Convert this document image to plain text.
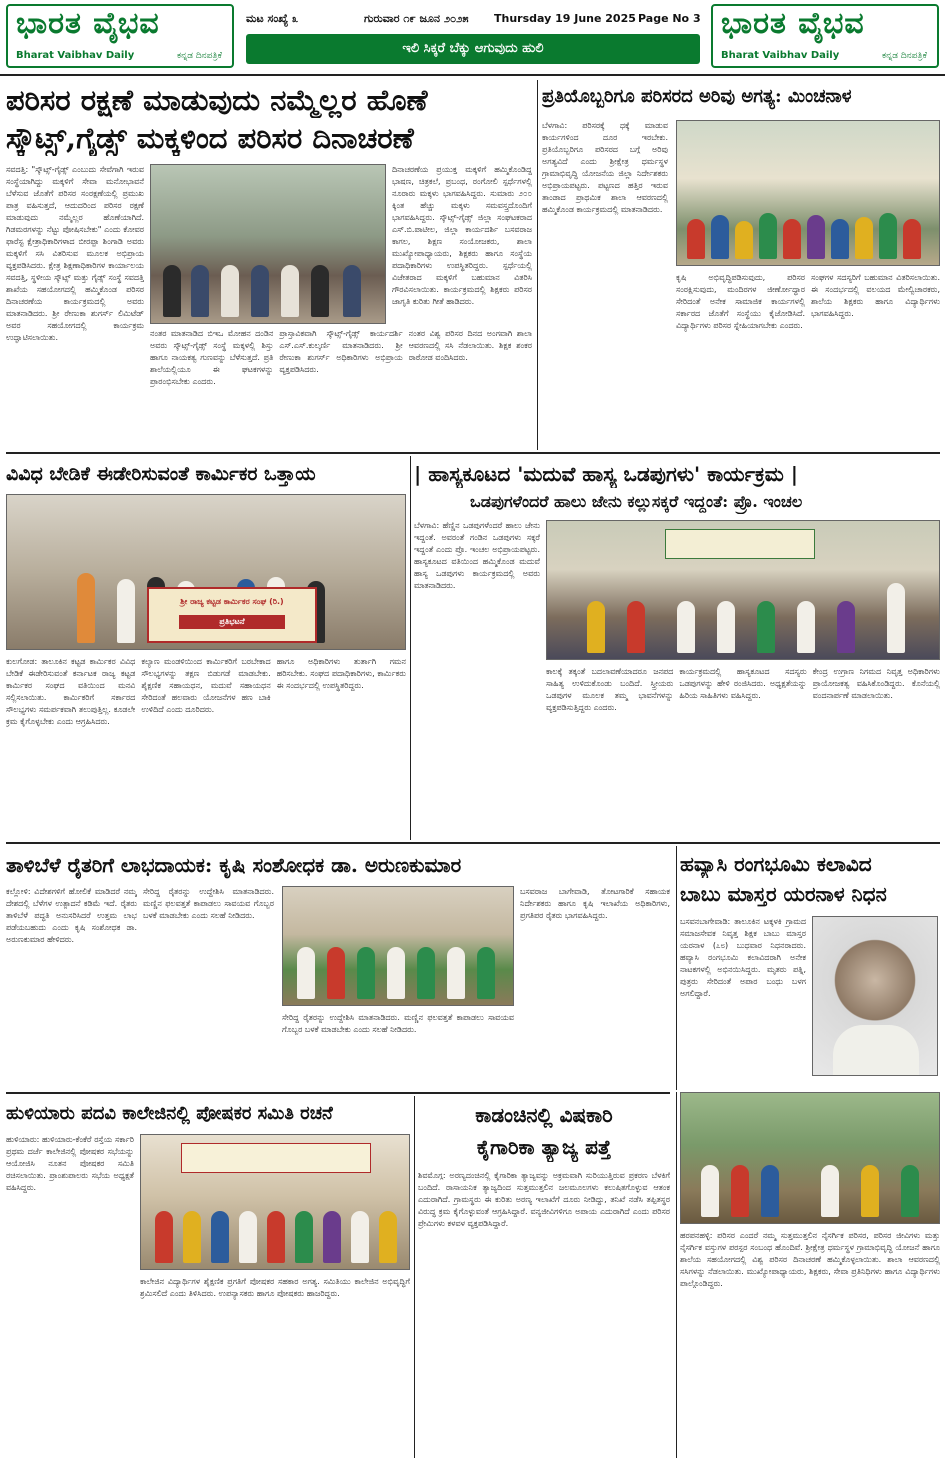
ಭಾರತ ವೈಭವ
Bharat Vaibhav Daily	ಕನ್ನಡ ದಿನಪತ್ರಿಕೆ
ಮಟ ಸಂಖ್ಯೆ ೩	ಗುರುವಾರ ೧೯ ಜೂನ ೨೦೨೫ Thursday 19 June 2025 Page No 3
ಇಲಿ ಸಿಕ್ಕರೆ ಬೆಕ್ಕು ಆಗುವುದು ಹುಲಿ
ಭಾರತ ವೈಭವ
Bharat Vaibhav Daily	ಕನ್ನಡ ದಿನಪತ್ರಿಕೆ
ಪರಿಸರ ರಕ್ಷಣೆ ಮಾಡುವುದು ನಮ್ಮೆಲ್ಲರ ಹೊಣೆ
ಸ್ಕೌಟ್ಸ್,ಗೈಡ್ಸ್ ಮಕ್ಕಳಿಂದ ಪರಿಸರ ದಿನಾಚರಣೆ
ಸವದತ್ತಿ: "ಸ್ಕೌಟ್ಸ್-ಗೈಡ್ಸ್ ಎಂಬುದು ಸೇವೆಗಾಗಿ ಇರುವ ಸಂಸ್ಥೆಯಾಗಿದ್ದು ಮಕ್ಕಳಿಗೆ ಸೇವಾ ಮನೋಭಾವನೆ ಬೆಳೆಸುವ ಜೊತೆಗೆ ಪರಿಸರ ಸಂರಕ್ಷಣೆಯಲ್ಲಿ ಪ್ರಮುಖ ಪಾತ್ರ ವಹಿಸುತ್ತದೆ, ಆದುದರಿಂದ ಪರಿಸರ ರಕ್ಷಣೆ ಮಾಡುವುದು ನಮ್ಮೆಲ್ಲರ ಹೊಣೆಯಾಗಿದೆ. ಗಿಡಮರಗಳನ್ನು ನೆಟ್ಟು ಪೋಷಿಸಬೇಕು" ಎಂದು ಕೋವರ ಫಾರೆಸ್ಟ ಕ್ಷೇತ್ರಾಧಿಕಾರಿಗಳಾದ ಬೀರಪ್ಪಾ ಶಿಂಗಾಡಿ ಅವರು ಮಕ್ಕಳಿಗೆ ಸಸಿ ವಿತರಿಸುವ ಮೂಲಕ ಅಭಿಪ್ರಾಯ ವ್ಯಕ್ತಪಡಿಸಿದರು. ಕ್ಷೇತ್ರ ಶಿಕ್ಷಣಾಧಿಕಾರಿಗಳ ಕಾರ್ಯಾಲಯ ಸವದತ್ತಿ, ಸ್ಥಳೀಯ ಸ್ಕೌಟ್ಸ್ ಮತ್ತು ಗೈಡ್ಸ್ ಸಂಸ್ಥೆ ಸವದತ್ತಿ ಶಾಖೆಯ ಸಹಯೋಗದಲ್ಲಿ ಹಮ್ಮಿಕೊಂಡ ಪರಿಸರ ದಿನಾಚರಣೆಯ ಕಾರ್ಯಕ್ರಮದಲ್ಲಿ ಅವರು ಮಾತನಾಡಿದರು. ಶ್ರೀ ರೇಣುಕಾ ಶುಗರ್ಸ್ ಲಿಮಿಟೆಡ್ ಅವರ ಸಹಯೋಗದಲ್ಲಿ ಕಾರ್ಯಕ್ರಮ ಉದ್ಘಾಟಿಸಲಾಯಿತು.
ದಿನಾಚರಣೆಯ ಪ್ರಯುಕ್ತ ಮಕ್ಕಳಿಗೆ ಹಮ್ಮಿಕೊಂಡಿದ್ದ ಭಾಷಣ, ಚಿತ್ರಕಲೆ, ಪ್ರಬಂಧ, ರಂಗೋಲಿ ಸ್ಪರ್ಧೆಗಳಲ್ಲಿ ನೂರಾರು ಮಕ್ಕಳು ಭಾಗವಹಿಸಿದ್ದರು. ಸುಮಾರು ೨೦೦ ಕ್ಕಿಂತ ಹೆಚ್ಚು ಮಕ್ಕಳು ಸಮವಸ್ತ್ರದೊಂದಿಗೆ ಭಾಗವಹಿಸಿದ್ದರು. ಸ್ಕೌಟ್ಸ್-ಗೈಡ್ಸ್ ಜಿಲ್ಲಾ ಸಂಘಟಕರಾದ ಎಸ್.ಬಿ.ಪಾಟೀಲ, ಜಿಲ್ಲಾ ಕಾರ್ಯದರ್ಶಿ ಬಸವರಾಜ ಕಾಗಲ, ಶಿಕ್ಷಣ ಸಂಯೋಜಕರು, ಶಾಲಾ ಮುಖ್ಯೋಪಾಧ್ಯಾಯರು, ಶಿಕ್ಷಕರು ಹಾಗೂ ಸಂಸ್ಥೆಯ ಪದಾಧಿಕಾರಿಗಳು ಉಪಸ್ಥಿತರಿದ್ದರು. ಸ್ಪರ್ಧೆಯಲ್ಲಿ ವಿಜೇತರಾದ ಮಕ್ಕಳಿಗೆ ಬಹುಮಾನ ವಿತರಿಸಿ ಗೌರವಿಸಲಾಯಿತು. ಕಾರ್ಯಕ್ರಮದಲ್ಲಿ ಶಿಕ್ಷಕರು ಪರಿಸರ ಜಾಗೃತಿ ಕುರಿತು ಗೀತೆ ಹಾಡಿದರು.
ನಂತರ ಮಾತನಾಡಿದ ಬಿಇಒ ಮೋಹನ ದಂಡಿನ ಅವರು ಸ್ಕೌಟ್ಸ್-ಗೈಡ್ಸ್ ಸಂಸ್ಥೆ ಮಕ್ಕಳಲ್ಲಿ ಶಿಸ್ತು ಹಾಗೂ ನಾಯಕತ್ವ ಗುಣವನ್ನು ಬೆಳೆಸುತ್ತದೆ. ಪ್ರತಿ ಶಾಲೆಯಲ್ಲಿಯೂ ಈ ಘಟಕಗಳನ್ನು ಪ್ರಾರಂಭಿಸಬೇಕು ಎಂದರು.
ಪ್ರಾಸ್ತಾವಿಕವಾಗಿ ಸ್ಕೌಟ್ಸ್-ಗೈಡ್ಸ್ ಕಾರ್ಯದರ್ಶಿ ಎಸ್.ಎಸ್.ಕುಲ್ಕರ್ಣಿ ಮಾತನಾಡಿದರು. ಶ್ರೀ ರೇಣುಕಾ ಶುಗರ್ಸ್ ಅಧಿಕಾರಿಗಳು ಅಭಿಪ್ರಾಯ ವ್ಯಕ್ತಪಡಿಸಿದರು.
ನಂತರ ವಿಶ್ವ ಪರಿಸರ ದಿನದ ಅಂಗವಾಗಿ ಶಾಲಾ ಆವರಣದಲ್ಲಿ ಸಸಿ ನೆಡಲಾಯಿತು. ಶಿಕ್ಷಕ ಶಂಕರ ರಾಠೋಡ ವಂದಿಸಿದರು.
ಪ್ರತಿಯೊಬ್ಬರಿಗೂ ಪರಿಸರದ ಅರಿವು ಅಗತ್ಯ: ಮಿಂಚನಾಳ
ಬೆಳಗಾವಿ: ಪರಿಸರಕ್ಕೆ ಧಕ್ಕೆ ಮಾಡುವ ಕಾರ್ಯಗಳಿಂದ ದೂರ ಇರಬೇಕು. ಪ್ರತಿಯೊಬ್ಬರಿಗೂ ಪರಿಸರದ ಬಗ್ಗೆ ಅರಿವು ಅಗತ್ಯವಿದೆ ಎಂದು ಶ್ರೀಕ್ಷೇತ್ರ ಧರ್ಮಸ್ಥಳ ಗ್ರಾಮಾಭಿವೃದ್ಧಿ ಯೋಜನೆಯ ಜಿಲ್ಲಾ ನಿರ್ದೇಶಕರು ಅಭಿಪ್ರಾಯಪಟ್ಟರು. ಪಟ್ಟಣದ ಹತ್ತಿರ ಇರುವ ತಾಂಡಾದ ಪ್ರಾಥಮಿಕ ಶಾಲಾ ಆವರಣದಲ್ಲಿ ಹಮ್ಮಿಕೊಂಡ ಕಾರ್ಯಕ್ರಮದಲ್ಲಿ ಮಾತನಾಡಿದರು.
ಕೃಷಿ ಅಭಿವೃದ್ಧಿಪಡಿಸುವುದು, ಪರಿಸರ ಸಂರಕ್ಷಿಸುವುದು, ಮಂದಿರಗಳ ಜೀರ್ಣೋದ್ಧಾರ ಸೇರಿದಂತೆ ಅನೇಕ ಸಾಮಾಜಿಕ ಕಾರ್ಯಗಳಲ್ಲಿ ಸರ್ಕಾರದ ಜೊತೆಗೆ ಸಂಸ್ಥೆಯು ಕೈಜೋಡಿಸಿದೆ. ವಿದ್ಯಾರ್ಥಿಗಳು ಪರಿಸರ ಸ್ನೇಹಿಯಾಗಬೇಕು ಎಂದರು.
ಸಂಘಗಳ ಸದಸ್ಯರಿಗೆ ಬಹುಮಾನ ವಿತರಿಸಲಾಯಿತು. ಈ ಸಂದರ್ಭದಲ್ಲಿ ವಲಯದ ಮೇಲ್ವಿಚಾರಕರು, ಶಾಲೆಯ ಶಿಕ್ಷಕರು ಹಾಗೂ ವಿದ್ಯಾರ್ಥಿಗಳು ಭಾಗವಹಿಸಿದ್ದರು.
ವಿವಿಧ ಬೇಡಿಕೆ ಈಡೇರಿಸುವಂತೆ ಕಾರ್ಮಿಕರ ಒತ್ತಾಯ
ಶ್ರೀ ರಾಜ್ಯ ಕಟ್ಟಡ ಕಾರ್ಮಿಕರ ಸಂಘ (ರಿ.)
ಪ್ರತಿಭಟನೆ
ಕುಲಗೋಡ: ತಾಲೂಕಿನ ಕಟ್ಟಡ ಕಾರ್ಮಿಕರ ವಿವಿಧ ಬೇಡಿಕೆ ಈಡೇರಿಸುವಂತೆ ಕರ್ನಾಟಕ ರಾಜ್ಯ ಕಟ್ಟಡ ಕಾರ್ಮಿಕರ ಸಂಘದ ವತಿಯಿಂದ ಮನವಿ ಸಲ್ಲಿಸಲಾಯಿತು. ಕಾರ್ಮಿಕರಿಗೆ ಸರ್ಕಾರದ ಸೌಲಭ್ಯಗಳು ಸಮರ್ಪಕವಾಗಿ ತಲುಪುತ್ತಿಲ್ಲ. ಕೂಡಲೇ ಕ್ರಮ ಕೈಗೊಳ್ಳಬೇಕು ಎಂದು ಆಗ್ರಹಿಸಿದರು.
ಕಲ್ಯಾಣ ಮಂಡಳಿಯಿಂದ ಕಾರ್ಮಿಕರಿಗೆ ಬರಬೇಕಾದ ಸೌಲಭ್ಯಗಳನ್ನು ತಕ್ಷಣ ಬಿಡುಗಡೆ ಮಾಡಬೇಕು. ಶೈಕ್ಷಣಿಕ ಸಹಾಯಧನ, ಮದುವೆ ಸಹಾಯಧನ ಸೇರಿದಂತೆ ಹಲವಾರು ಯೋಜನೆಗಳ ಹಣ ಬಾಕಿ ಉಳಿದಿದೆ ಎಂದು ದೂರಿದರು.
ಹಾಗೂ ಅಧಿಕಾರಿಗಳು ತುರ್ತಾಗಿ ಗಮನ ಹರಿಸಬೇಕು. ಸಂಘದ ಪದಾಧಿಕಾರಿಗಳು, ಕಾರ್ಮಿಕರು ಈ ಸಂದರ್ಭದಲ್ಲಿ ಉಪಸ್ಥಿತರಿದ್ದರು.
| ಹಾಸ್ಯಕೂಟದ 'ಮದುವೆ ಹಾಸ್ಯ ಒಡಪುಗಳು' ಕಾರ್ಯಕ್ರಮ |
ಒಡಪುಗಳೆಂದರೆ ಹಾಲು ಜೇನು ಕಲ್ಲುಸಕ್ಕರೆ ಇದ್ದಂತೆ: ಪ್ರೊ. ಇಂಚಲ
ಬೆಳಗಾವಿ: ಹೆಣ್ಣಿನ ಒಡಪುಗಳೆಂದರೆ ಹಾಲು ಜೇನು ಇದ್ದಂತೆ. ಅವರಂತೆ ಗಂಡಿನ ಒಡಪುಗಳು ಸಕ್ಕರೆ ಇದ್ದಂತೆ ಎಂದು ಪ್ರೊ. ಇಂಚಲ ಅಭಿಪ್ರಾಯಪಟ್ಟರು. ಹಾಸ್ಯಕೂಟದ ವತಿಯಿಂದ ಹಮ್ಮಿಕೊಂಡ ಮದುವೆ ಹಾಸ್ಯ ಒಡಪುಗಳು ಕಾರ್ಯಕ್ರಮದಲ್ಲಿ ಅವರು ಮಾತನಾಡಿದರು.
ಕಾಲಕ್ಕೆ ತಕ್ಕಂತೆ ಬದಲಾವಣೆಯಾದರೂ ಜನಪದ ಸಾಹಿತ್ಯ ಉಳಿದುಕೊಂಡು ಬಂದಿದೆ. ಸ್ತ್ರೀಯರು ಒಡಪುಗಳ ಮೂಲಕ ತಮ್ಮ ಭಾವನೆಗಳನ್ನು ವ್ಯಕ್ತಪಡಿಸುತ್ತಿದ್ದರು ಎಂದರು.
ಕಾರ್ಯಕ್ರಮದಲ್ಲಿ ಹಾಸ್ಯಕೂಟದ ಸದಸ್ಯರು ಒಡಪುಗಳನ್ನು ಹೇಳಿ ರಂಜಿಸಿದರು. ಅಧ್ಯಕ್ಷತೆಯನ್ನು ಹಿರಿಯ ಸಾಹಿತಿಗಳು ವಹಿಸಿದ್ದರು.
ಕೇಂದ್ರ ಉಗ್ರಾಣ ನಿಗಮದ ನಿವೃತ್ತ ಅಧಿಕಾರಿಗಳು ಪ್ರಾಯೋಜಕತ್ವ ವಹಿಸಿಕೊಂಡಿದ್ದರು. ಕೊನೆಯಲ್ಲಿ ವಂದನಾರ್ಪಣೆ ಮಾಡಲಾಯಿತು.
ತಾಳಿಬೆಳೆ ರೈತರಿಗೆ ಲಾಭದಾಯಕ: ಕೃಷಿ ಸಂಶೋಧಕ ಡಾ. ಅರುಣಕುಮಾರ
ಕಲ್ಲೋಳಿ: ವಿದೇಶಗಳಿಗೆ ಹೋಲಿಕೆ ಮಾಡಿದರೆ ನಮ್ಮ ದೇಶದಲ್ಲಿ ಬೆಳೆಗಳ ಉತ್ಪಾದನೆ ಕಡಿಮೆ ಇದೆ. ರೈತರು ತಾಳಿಬೆಳೆ ಪದ್ಧತಿ ಅನುಸರಿಸಿದರೆ ಉತ್ತಮ ಲಾಭ ಪಡೆಯಬಹುದು ಎಂದು ಕೃಷಿ ಸಂಶೋಧಕ ಡಾ. ಅರುಣಕುಮಾರ ಹೇಳಿದರು.
ಸೇರಿದ್ದ ರೈತರನ್ನು ಉದ್ದೇಶಿಸಿ ಮಾತನಾಡಿದರು. ಮಣ್ಣಿನ ಫಲವತ್ತತೆ ಕಾಪಾಡಲು ಸಾವಯವ ಗೊಬ್ಬರ ಬಳಕೆ ಮಾಡಬೇಕು ಎಂದು ಸಲಹೆ ನೀಡಿದರು.
ಸೇರಿದ್ದ ರೈತರನ್ನು ಉದ್ದೇಶಿಸಿ ಮಾತನಾಡಿದರು. ಮಣ್ಣಿನ ಫಲವತ್ತತೆ ಕಾಪಾಡಲು ಸಾವಯವ ಗೊಬ್ಬರ ಬಳಕೆ ಮಾಡಬೇಕು ಎಂದು ಸಲಹೆ ನೀಡಿದರು.
ಬಸವರಾಜ ಬಾಗೇವಾಡಿ, ತೋಟಗಾರಿಕೆ ಸಹಾಯಕ ನಿರ್ದೇಶಕರು ಹಾಗೂ ಕೃಷಿ ಇಲಾಖೆಯ ಅಧಿಕಾರಿಗಳು, ಪ್ರಗತಿಪರ ರೈತರು ಭಾಗವಹಿಸಿದ್ದರು.
ಹವ್ಯಾಸಿ ರಂಗಭೂಮಿ ಕಲಾವಿದ
ಬಾಬು ಮಾಸ್ತರ ಯರನಾಳ ನಿಧನ
ಬಸವನಬಾಗೇವಾಡಿ: ತಾಲೂಕಿನ ಟಕ್ಕಳಕಿ ಗ್ರಾಮದ ಸಮಾಜಸೇವಕ ನಿವೃತ್ತ ಶಿಕ್ಷಕ ಬಾಬು ಮಾಸ್ತರ ಯರನಾಳ (೭೮) ಬುಧವಾರ ನಿಧನರಾದರು. ಹವ್ಯಾಸಿ ರಂಗಭೂಮಿ ಕಲಾವಿದರಾಗಿ ಅನೇಕ ನಾಟಕಗಳಲ್ಲಿ ಅಭಿನಯಿಸಿದ್ದರು. ಮೃತರು ಪತ್ನಿ, ಪುತ್ರರು ಸೇರಿದಂತೆ ಅಪಾರ ಬಂಧು ಬಳಗ ಅಗಲಿದ್ದಾರೆ.
ಹುಳಿಯಾರು ಪದವಿ ಕಾಲೇಜಿನಲ್ಲಿ ಪೋಷಕರ ಸಮಿತಿ ರಚನೆ
ಹುಳಿಯಾರು: ಹುಳಿಯಾರು-ಕೆಂಕೆರೆ ರಸ್ತೆಯ ಸರ್ಕಾರಿ ಪ್ರಥಮ ದರ್ಜೆ ಕಾಲೇಜಿನಲ್ಲಿ ಪೋಷಕರ ಸಭೆಯನ್ನು ಆಯೋಜಿಸಿ ನೂತನ ಪೋಷಕರ ಸಮಿತಿ ರಚಿಸಲಾಯಿತು. ಪ್ರಾಂಶುಪಾಲರು ಸಭೆಯ ಅಧ್ಯಕ್ಷತೆ ವಹಿಸಿದ್ದರು.
ಕಾಲೇಜಿನ ವಿದ್ಯಾರ್ಥಿಗಳ ಶೈಕ್ಷಣಿಕ ಪ್ರಗತಿಗೆ ಪೋಷಕರ ಸಹಕಾರ ಅಗತ್ಯ. ಸಮಿತಿಯು ಕಾಲೇಜಿನ ಅಭಿವೃದ್ಧಿಗೆ ಶ್ರಮಿಸಲಿದೆ ಎಂದು ತಿಳಿಸಿದರು. ಉಪನ್ಯಾಸಕರು ಹಾಗೂ ಪೋಷಕರು ಹಾಜರಿದ್ದರು.
ಕಾಡಂಚಿನಲ್ಲಿ ವಿಷಕಾರಿ
ಕೈಗಾರಿಕಾ ತ್ಯಾಜ್ಯ ಪತ್ತೆ
ಶಿವಮೊಗ್ಗ: ಅರಣ್ಯದಂಚಿನಲ್ಲಿ ಕೈಗಾರಿಕಾ ತ್ಯಾಜ್ಯವನ್ನು ಅಕ್ರಮವಾಗಿ ಸುರಿಯುತ್ತಿರುವ ಪ್ರಕರಣ ಬೆಳಕಿಗೆ ಬಂದಿದೆ. ರಾಸಾಯನಿಕ ತ್ಯಾಜ್ಯದಿಂದ ಸುತ್ತಮುತ್ತಲಿನ ಜಲಮೂಲಗಳು ಕಲುಷಿತಗೊಳ್ಳುವ ಆತಂಕ ಎದುರಾಗಿದೆ. ಗ್ರಾಮಸ್ಥರು ಈ ಕುರಿತು ಅರಣ್ಯ ಇಲಾಖೆಗೆ ದೂರು ನೀಡಿದ್ದು, ತನಿಖೆ ನಡೆಸಿ ತಪ್ಪಿತಸ್ಥರ ವಿರುದ್ಧ ಕ್ರಮ ಕೈಗೊಳ್ಳುವಂತೆ ಆಗ್ರಹಿಸಿದ್ದಾರೆ. ವನ್ಯಜೀವಿಗಳಿಗೂ ಅಪಾಯ ಎದುರಾಗಿದೆ ಎಂದು ಪರಿಸರ ಪ್ರೇಮಿಗಳು ಕಳವಳ ವ್ಯಕ್ತಪಡಿಸಿದ್ದಾರೆ.
ಹರಪನಹಳ್ಳಿ: ಪರಿಸರ ಎಂದರೆ ನಮ್ಮ ಸುತ್ತಮುತ್ತಲಿನ ನೈಸರ್ಗಿಕ ಪರಿಸರ, ಪರಿಸರ ಜೀವಿಗಳು ಮತ್ತು ನೈಸರ್ಗಿಕ ವಸ್ತುಗಳ ಪರಸ್ಪರ ಸಂಬಂಧ ಹೊಂದಿವೆ. ಶ್ರೀಕ್ಷೇತ್ರ ಧರ್ಮಸ್ಥಳ ಗ್ರಾಮಾಭಿವೃದ್ಧಿ ಯೋಜನೆ ಹಾಗೂ ಶಾಲೆಯ ಸಹಯೋಗದಲ್ಲಿ ವಿಶ್ವ ಪರಿಸರ ದಿನಾಚರಣೆ ಹಮ್ಮಿಕೊಳ್ಳಲಾಯಿತು. ಶಾಲಾ ಆವರಣದಲ್ಲಿ ಸಸಿಗಳನ್ನು ನೆಡಲಾಯಿತು. ಮುಖ್ಯೋಪಾಧ್ಯಾಯರು, ಶಿಕ್ಷಕರು, ಸೇವಾ ಪ್ರತಿನಿಧಿಗಳು ಹಾಗೂ ವಿದ್ಯಾರ್ಥಿಗಳು ಪಾಲ್ಗೊಂಡಿದ್ದರು.
